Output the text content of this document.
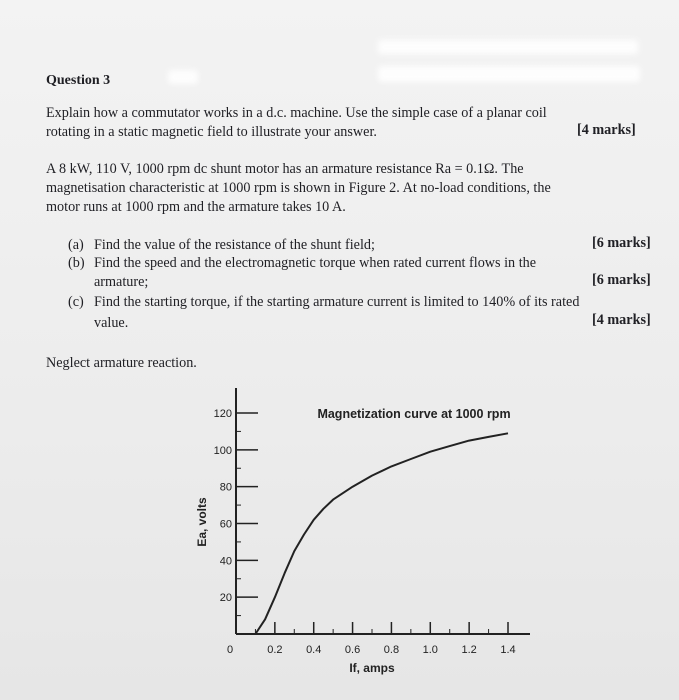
Question 3
Explain how a commutator works in a d.c. machine. Use the simple case of a planar coil
rotating in a static magnetic field to illustrate your answer.	[4 marks]
A 8 kW, 110 V, 1000 rpm dc shunt motor has an armature resistance Ra = 0.1Ω. The
magnetisation characteristic at 1000 rpm is shown in Figure 2. At no-load conditions, the
motor runs at 1000 rpm and the armature takes 10 A.
(a) Find the value of the resistance of the shunt field;	[6 marks]
(b) Find the speed and the electromagnetic torque when rated current flows in the
armature;	[6 marks]
(c) Find the starting torque, if the starting armature current is limited to 140% of its rated
value.	[4 marks]
Neglect armature reaction.
20
40
60
80
100
120
0	0.2 0.4 0.6 0.8 1.0 1.2 1.4
Magnetization curve at 1000 rpm
If, amps
Ea, volts
